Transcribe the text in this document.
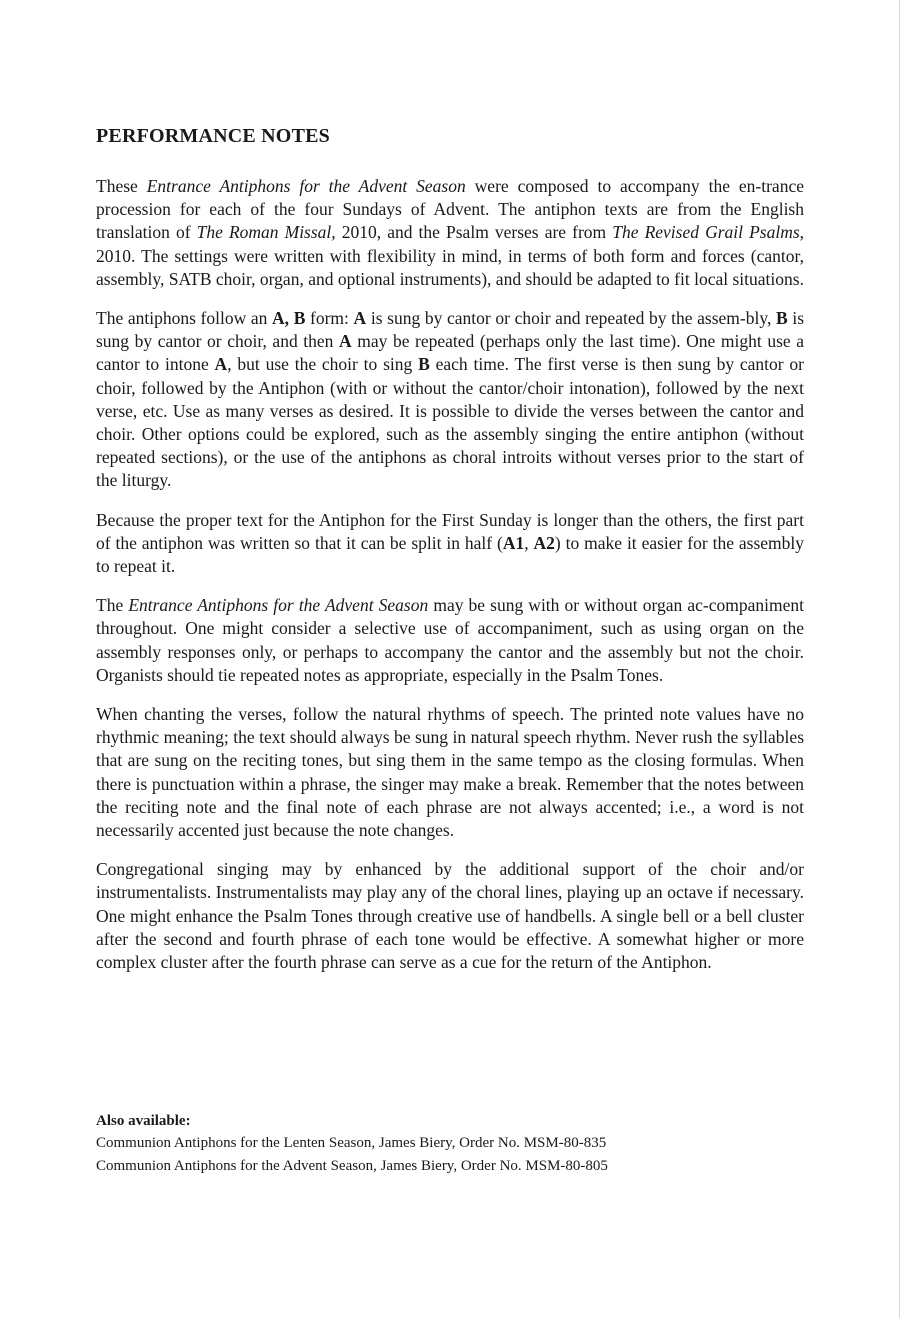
PERFORMANCE NOTES

These Entrance Antiphons for the Advent Season were composed to accompany the en-trance procession for each of the four Sundays of Advent. The antiphon texts are from the English translation of The Roman Missal, 2010, and the Psalm verses are from The Revised Grail Psalms, 2010. The settings were written with flexibility in mind, in terms of both form and forces (cantor, assembly, SATB choir, organ, and optional instruments), and should be adapted to fit local situations.

The antiphons follow an A, B form: A is sung by cantor or choir and repeated by the assem-bly, B is sung by cantor or choir, and then A may be repeated (perhaps only the last time). One might use a cantor to intone A, but use the choir to sing B each time. The first verse is then sung by cantor or choir, followed by the Antiphon (with or without the cantor/choir intonation), followed by the next verse, etc. Use as many verses as desired. It is possible to divide the verses between the cantor and choir. Other options could be explored, such as the assembly singing the entire antiphon (without repeated sections), or the use of the antiphons as choral introits without verses prior to the start of the liturgy.

Because the proper text for the Antiphon for the First Sunday is longer than the others, the first part of the antiphon was written so that it can be split in half (A1, A2) to make it easier for the assembly to repeat it.

The Entrance Antiphons for the Advent Season may be sung with or without organ ac-companiment throughout. One might consider a selective use of accompaniment, such as using organ on the assembly responses only, or perhaps to accompany the cantor and the assembly but not the choir. Organists should tie repeated notes as appropriate, especially in the Psalm Tones.

When chanting the verses, follow the natural rhythms of speech. The printed note values have no rhythmic meaning; the text should always be sung in natural speech rhythm. Never rush the syllables that are sung on the reciting tones, but sing them in the same tempo as the closing formulas. When there is punctuation within a phrase, the singer may make a break. Remember that the notes between the reciting note and the final note of each phrase are not always accented; i.e., a word is not necessarily accented just because the note changes.

Congregational singing may by enhanced by the additional support of the choir and/or instrumentalists. Instrumentalists may play any of the choral lines, playing up an octave if necessary. One might enhance the Psalm Tones through creative use of handbells. A single bell or a bell cluster after the second and fourth phrase of each tone would be effective. A somewhat higher or more complex cluster after the fourth phrase can serve as a cue for the return of the Antiphon.

Also available:

Communion Antiphons for the Lenten Season, James Biery, Order No. MSM-80-835

Communion Antiphons for the Advent Season, James Biery, Order No. MSM-80-805
